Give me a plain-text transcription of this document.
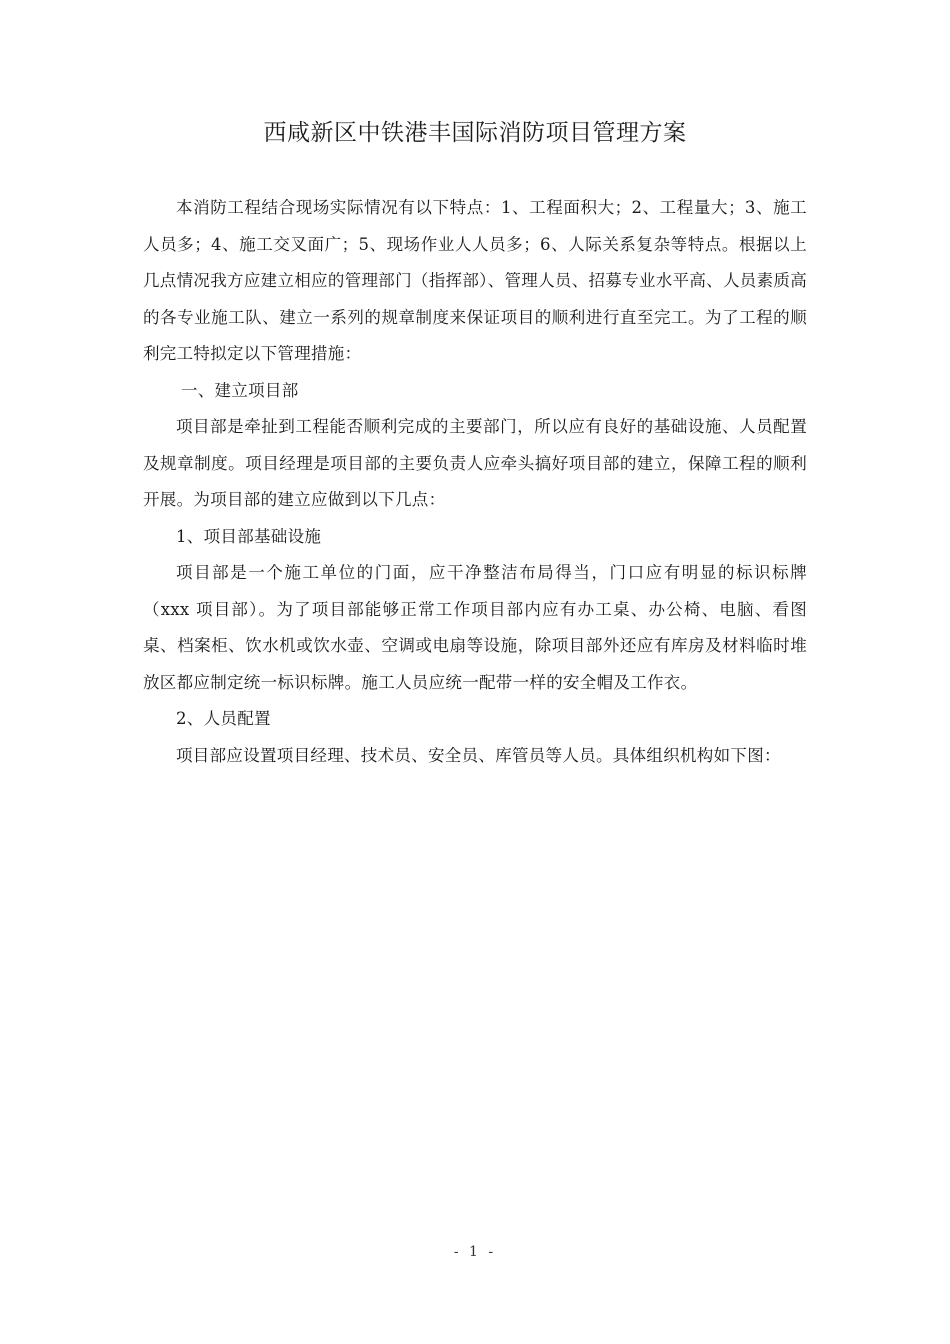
西咸新区中铁港丰国际消防项目管理方案

本消防工程结合现场实际情况有以下特点：1、工程面积大；2、工程量大；3、施工人员多；4、施工交叉面广；5、现场作业人人员多；6、人际关系复杂等特点。根据以上几点情况我方应建立相应的管理部门（指挥部）、管理人员、招募专业水平高、人员素质高的各专业施工队、建立一系列的规章制度来保证项目的顺利进行直至完工。为了工程的顺利完工特拟定以下管理措施：

一、建立项目部

项目部是牵扯到工程能否顺利完成的主要部门，所以应有良好的基础设施、人员配置及规章制度。项目经理是项目部的主要负责人应牵头搞好项目部的建立，保障工程的顺利开展。为项目部的建立应做到以下几点：

1、项目部基础设施

项目部是一个施工单位的门面，应干净整洁布局得当，门口应有明显的标识标牌（xxx 项目部）。为了项目部能够正常工作项目部内应有办工桌、办公椅、电脑、看图桌、档案柜、饮水机或饮水壶、空调或电扇等设施，除项目部外还应有库房及材料临时堆放区都应制定统一标识标牌。施工人员应统一配带一样的安全帽及工作衣。

2、人员配置

项目部应设置项目经理、技术员、安全员、库管员等人员。具体组织机构如下图：

- 1 -
